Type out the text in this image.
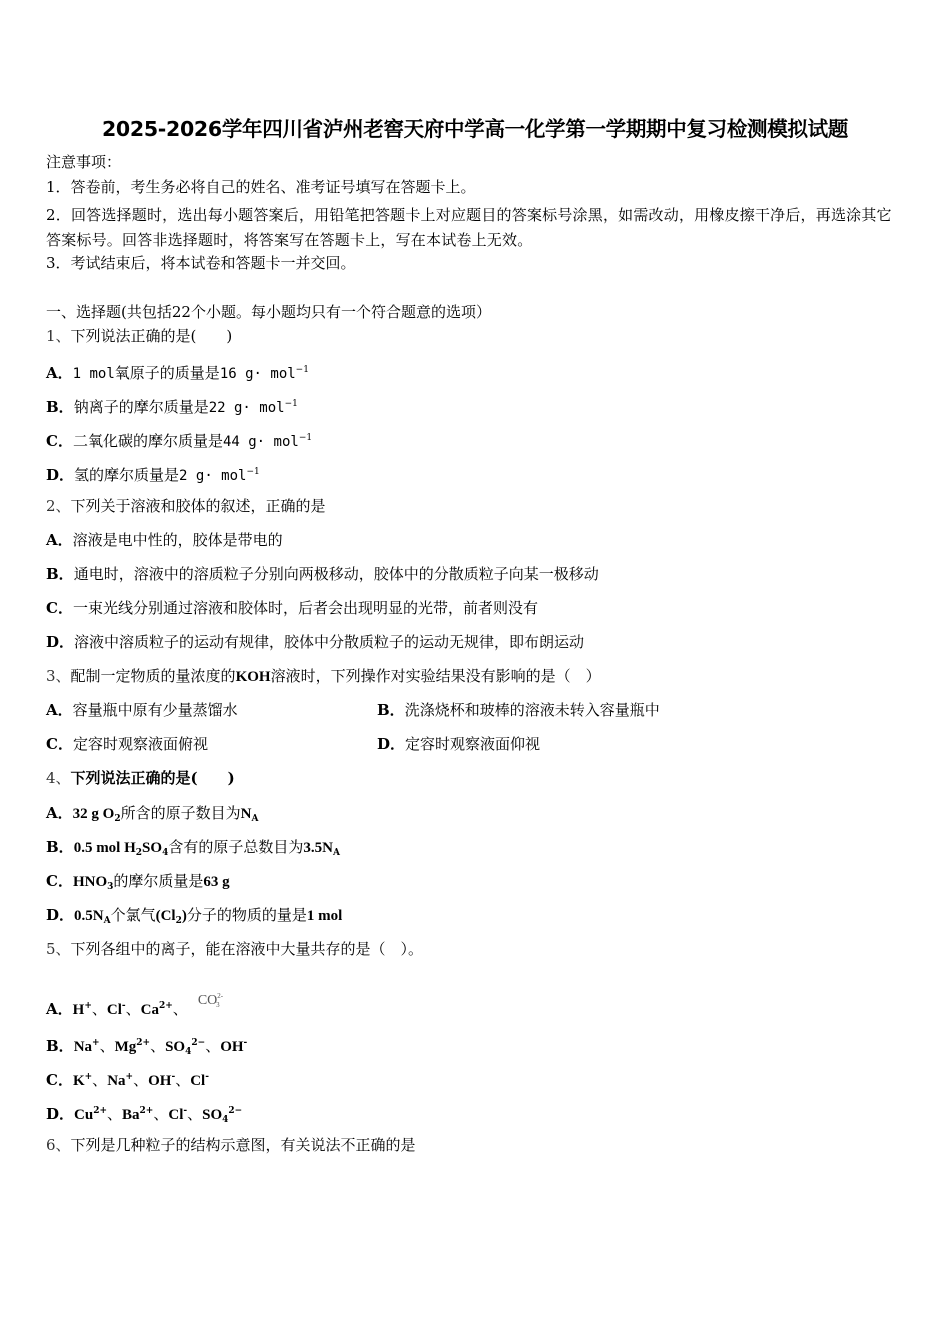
2025-2026学年四川省泸州老窖天府中学高一化学第一学期期中复习检测模拟试题
注意事项：
1．答卷前，考生务必将自己的姓名、准考证号填写在答题卡上。
2．回答选择题时，选出每小题答案后，用铅笔把答题卡上对应题目的答案标号涂黑，如需改动，用橡皮擦干净后，再选涂其它答案标号。回答非选择题时，将答案写在答题卡上，写在本试卷上无效。
3．考试结束后，将本试卷和答题卡一并交回。
一、选择题(共包括22个小题。每小题均只有一个符合题意的选项）
1、下列说法正确的是(　　)
A．1 mol氧原子的质量是16 g· mol$^{-1}$
B．钠离子的摩尔质量是22 g· mol$^{-1}$
C．二氧化碳的摩尔质量是44 g· mol$^{-1}$
D．氢的摩尔质量是2 g· mol$^{-1}$
2、下列关于溶液和胶体的叙述，正确的是
A．溶液是电中性的，胶体是带电的
B．通电时，溶液中的溶质粒子分别向两极移动，胶体中的分散质粒子向某一极移动
C．一束光线分别通过溶液和胶体时，后者会出现明显的光带，前者则没有
D．溶液中溶质粒子的运动有规律，胶体中分散质粒子的运动无规律，即布朗运动
3、配制一定物质的量浓度的KOH溶液时，下列操作对实验结果没有影响的是（　）
A．容量瓶中原有少量蒸馏水	B．洗涤烧杯和玻棒的溶液未转入容量瓶中
C．定容时观察液面俯视	D．定容时观察液面仰视
4、下列说法正确的是(　　)
A．32 g $O_2$所含的原子数目为$N_A$
B．0.5 mol $H_2SO_4$含有的原子总数目为$3.5N_A$
C．$HNO_3$的摩尔质量是63 g
D．$0.5N_A$个氯气$(Cl_2)$分子的物质的量是1 mol
5、下列各组中的离子，能在溶液中大量共存的是（　）。
A．H+、Cl-、$Ca^{2+}$、 $CO^{2-}_3$
B．Na+、$Mg^{2+}$、$SO_4^{2-}$、OH-
C．K+、Na+、OH-、Cl-
D．$Cu^{2+}$、$Ba^{2+}$、Cl-、$SO_4^{2-}$
6、下列是几种粒子的结构示意图，有关说法不正确的是
